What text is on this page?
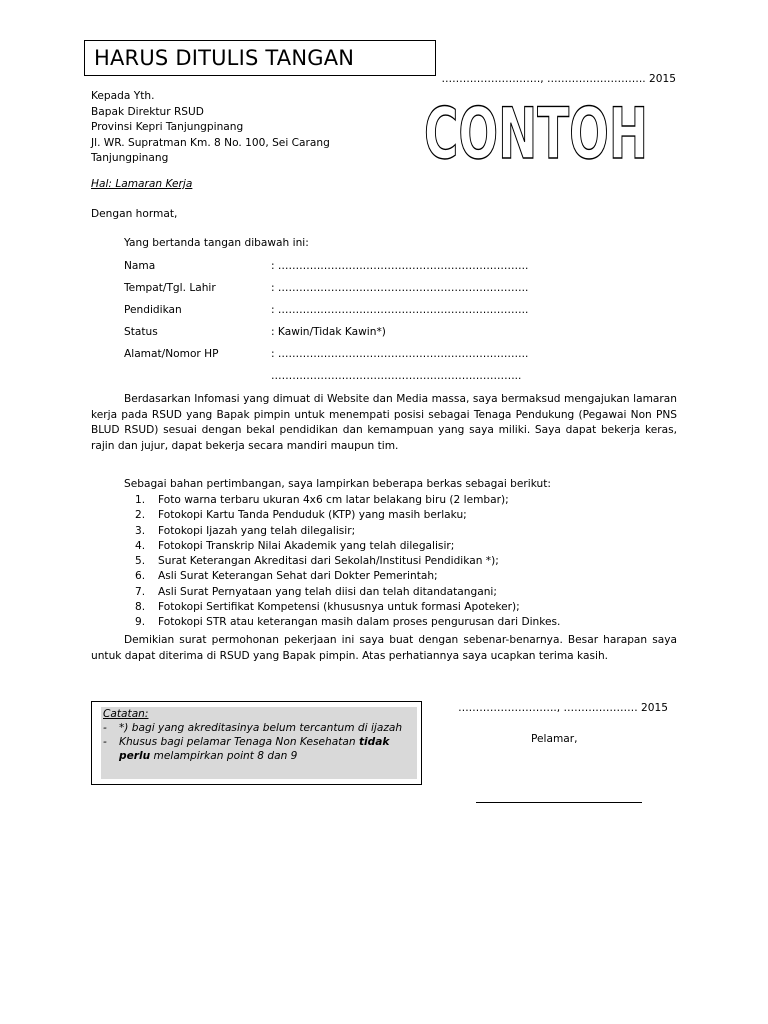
HARUS DITULIS TANGAN
………………………., ………………………. 2015
Kepada Yth.
Bapak Direktur RSUD
Provinsi Kepri Tanjungpinang
Jl. WR. Supratman Km. 8 No. 100, Sei Carang
Tanjungpinang	CONTOH
Hal: Lamaran Kerja
Dengan hormat,
Yang bertanda tangan dibawah ini:
Nama	: ……………………………………………………………..
Tempat/Tgl. Lahir	: ……………………………………………………………..
Pendidikan	: ……………………………………………………………..
Status	: Kawin/Tidak Kawin*)
Alamat/Nomor HP	: ……………………………………………………………..
……………………………………………………………..
Berdasarkan Infomasi yang dimuat di Website dan Media massa, saya bermaksud mengajukan lamaran kerja pada RSUD yang Bapak pimpin untuk menempati posisi sebagai Tenaga Pendukung (Pegawai Non PNS BLUD RSUD) sesuai dengan bekal pendidikan dan kemampuan yang saya miliki. Saya dapat bekerja keras, rajin dan jujur, dapat bekerja secara mandiri maupun tim.
Sebagai bahan pertimbangan, saya lampirkan beberapa berkas sebagai berikut:
1. Foto warna terbaru ukuran 4x6 cm latar belakang biru (2 lembar);
2. Fotokopi Kartu Tanda Penduduk (KTP) yang masih berlaku;
3. Fotokopi Ijazah yang telah dilegalisir;
4. Fotokopi Transkrip Nilai Akademik yang telah dilegalisir;
5. Surat Keterangan Akreditasi dari Sekolah/Institusi Pendidikan *);
6. Asli Surat Keterangan Sehat dari Dokter Pemerintah;
7. Asli Surat Pernyataan yang telah diisi dan telah ditandatangani;
8. Fotokopi Sertifikat Kompetensi (khususnya untuk formasi Apoteker);
9. Fotokopi STR atau keterangan masih dalam proses pengurusan dari Dinkes.
Demikian surat permohonan pekerjaan ini saya buat dengan sebenar-benarnya. Besar harapan saya untuk dapat diterima di RSUD yang Bapak pimpin. Atas perhatiannya saya ucapkan terima kasih.
Catatan:
- *) bagi yang akreditasinya belum tercantum di ijazah
- Khusus bagi pelamar Tenaga Non Kesehatan tidak perlu melampirkan point 8 dan 9
………………………., ………………… 2015
Pelamar,
